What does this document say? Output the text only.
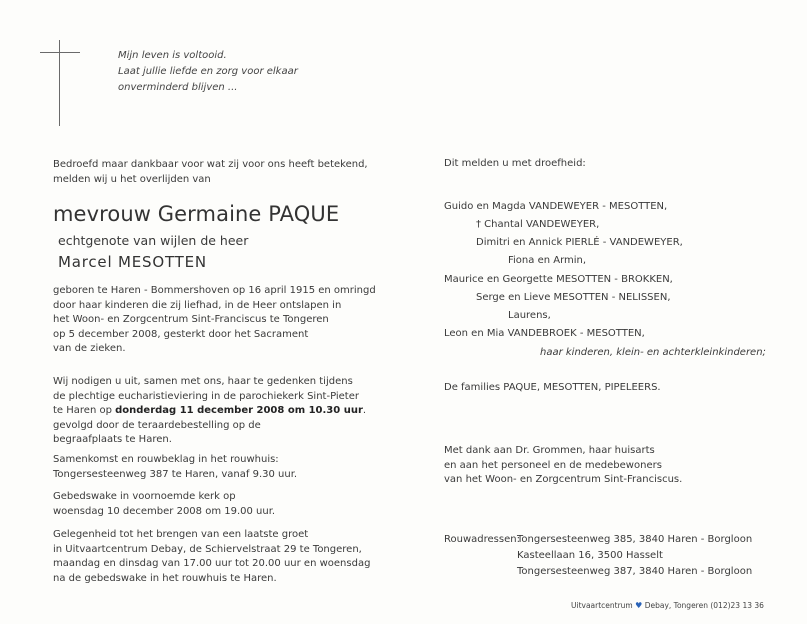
Mijn leven is voltooid.
Laat jullie liefde en zorg voor elkaar
onverminderd blijven ...
Bedroefd maar dankbaar voor wat zij voor ons heeft betekend,
melden wij u het overlijden van
mevrouw Germaine PAQUE
echtgenote van wijlen de heer
Marcel MESOTTEN
geboren te Haren - Bommershoven op 16 april 1915 en omringd
door haar kinderen die zij liefhad, in de Heer ontslapen in
het Woon- en Zorgcentrum Sint-Franciscus te Tongeren
op 5 december 2008, gesterkt door het Sacrament
van de zieken.
Wij nodigen u uit, samen met ons, haar te gedenken tijdens
de plechtige eucharistieviering in de parochiekerk Sint-Pieter
te Haren op donderdag 11 december 2008 om 10.30 uur.
gevolgd door de teraardebestelling op de
begraafplaats te Haren.
Samenkomst en rouwbeklag in het rouwhuis:
Tongersesteenweg 387 te Haren, vanaf 9.30 uur.
Gebedswake in voornoemde kerk op
woensdag 10 december 2008 om 19.00 uur.
Gelegenheid tot het brengen van een laatste groet
in Uitvaartcentrum Debay, de Schiervelstraat 29 te Tongeren,
maandag en dinsdag van 17.00 uur tot 20.00 uur en woensdag
na de gebedswake in het rouwhuis te Haren.
Dit melden u met droefheid:
Guido en Magda VANDEWEYER - MESOTTEN,
† Chantal VANDEWEYER,
Dimitri en Annick PIERLÉ - VANDEWEYER,
Fiona en Armin,
Maurice en Georgette MESOTTEN - BROKKEN,
Serge en Lieve MESOTTEN - NELISSEN,
Laurens,
Leon en Mia VANDEBROEK - MESOTTEN,
haar kinderen, klein- en achterkleinkinderen;
De families PAQUE, MESOTTEN, PIPELEERS.
Met dank aan Dr. Grommen, haar huisarts
en aan het personeel en de medebewoners
van het Woon- en Zorgcentrum Sint-Franciscus.
Rouwadressen:
Tongersesteenweg 385, 3840 Haren - Borgloon
Kasteellaan 16, 3500 Hasselt
Tongersesteenweg 387, 3840 Haren - Borgloon
Uitvaartcentrum ♥ Debay, Tongeren (012)23 13 36
